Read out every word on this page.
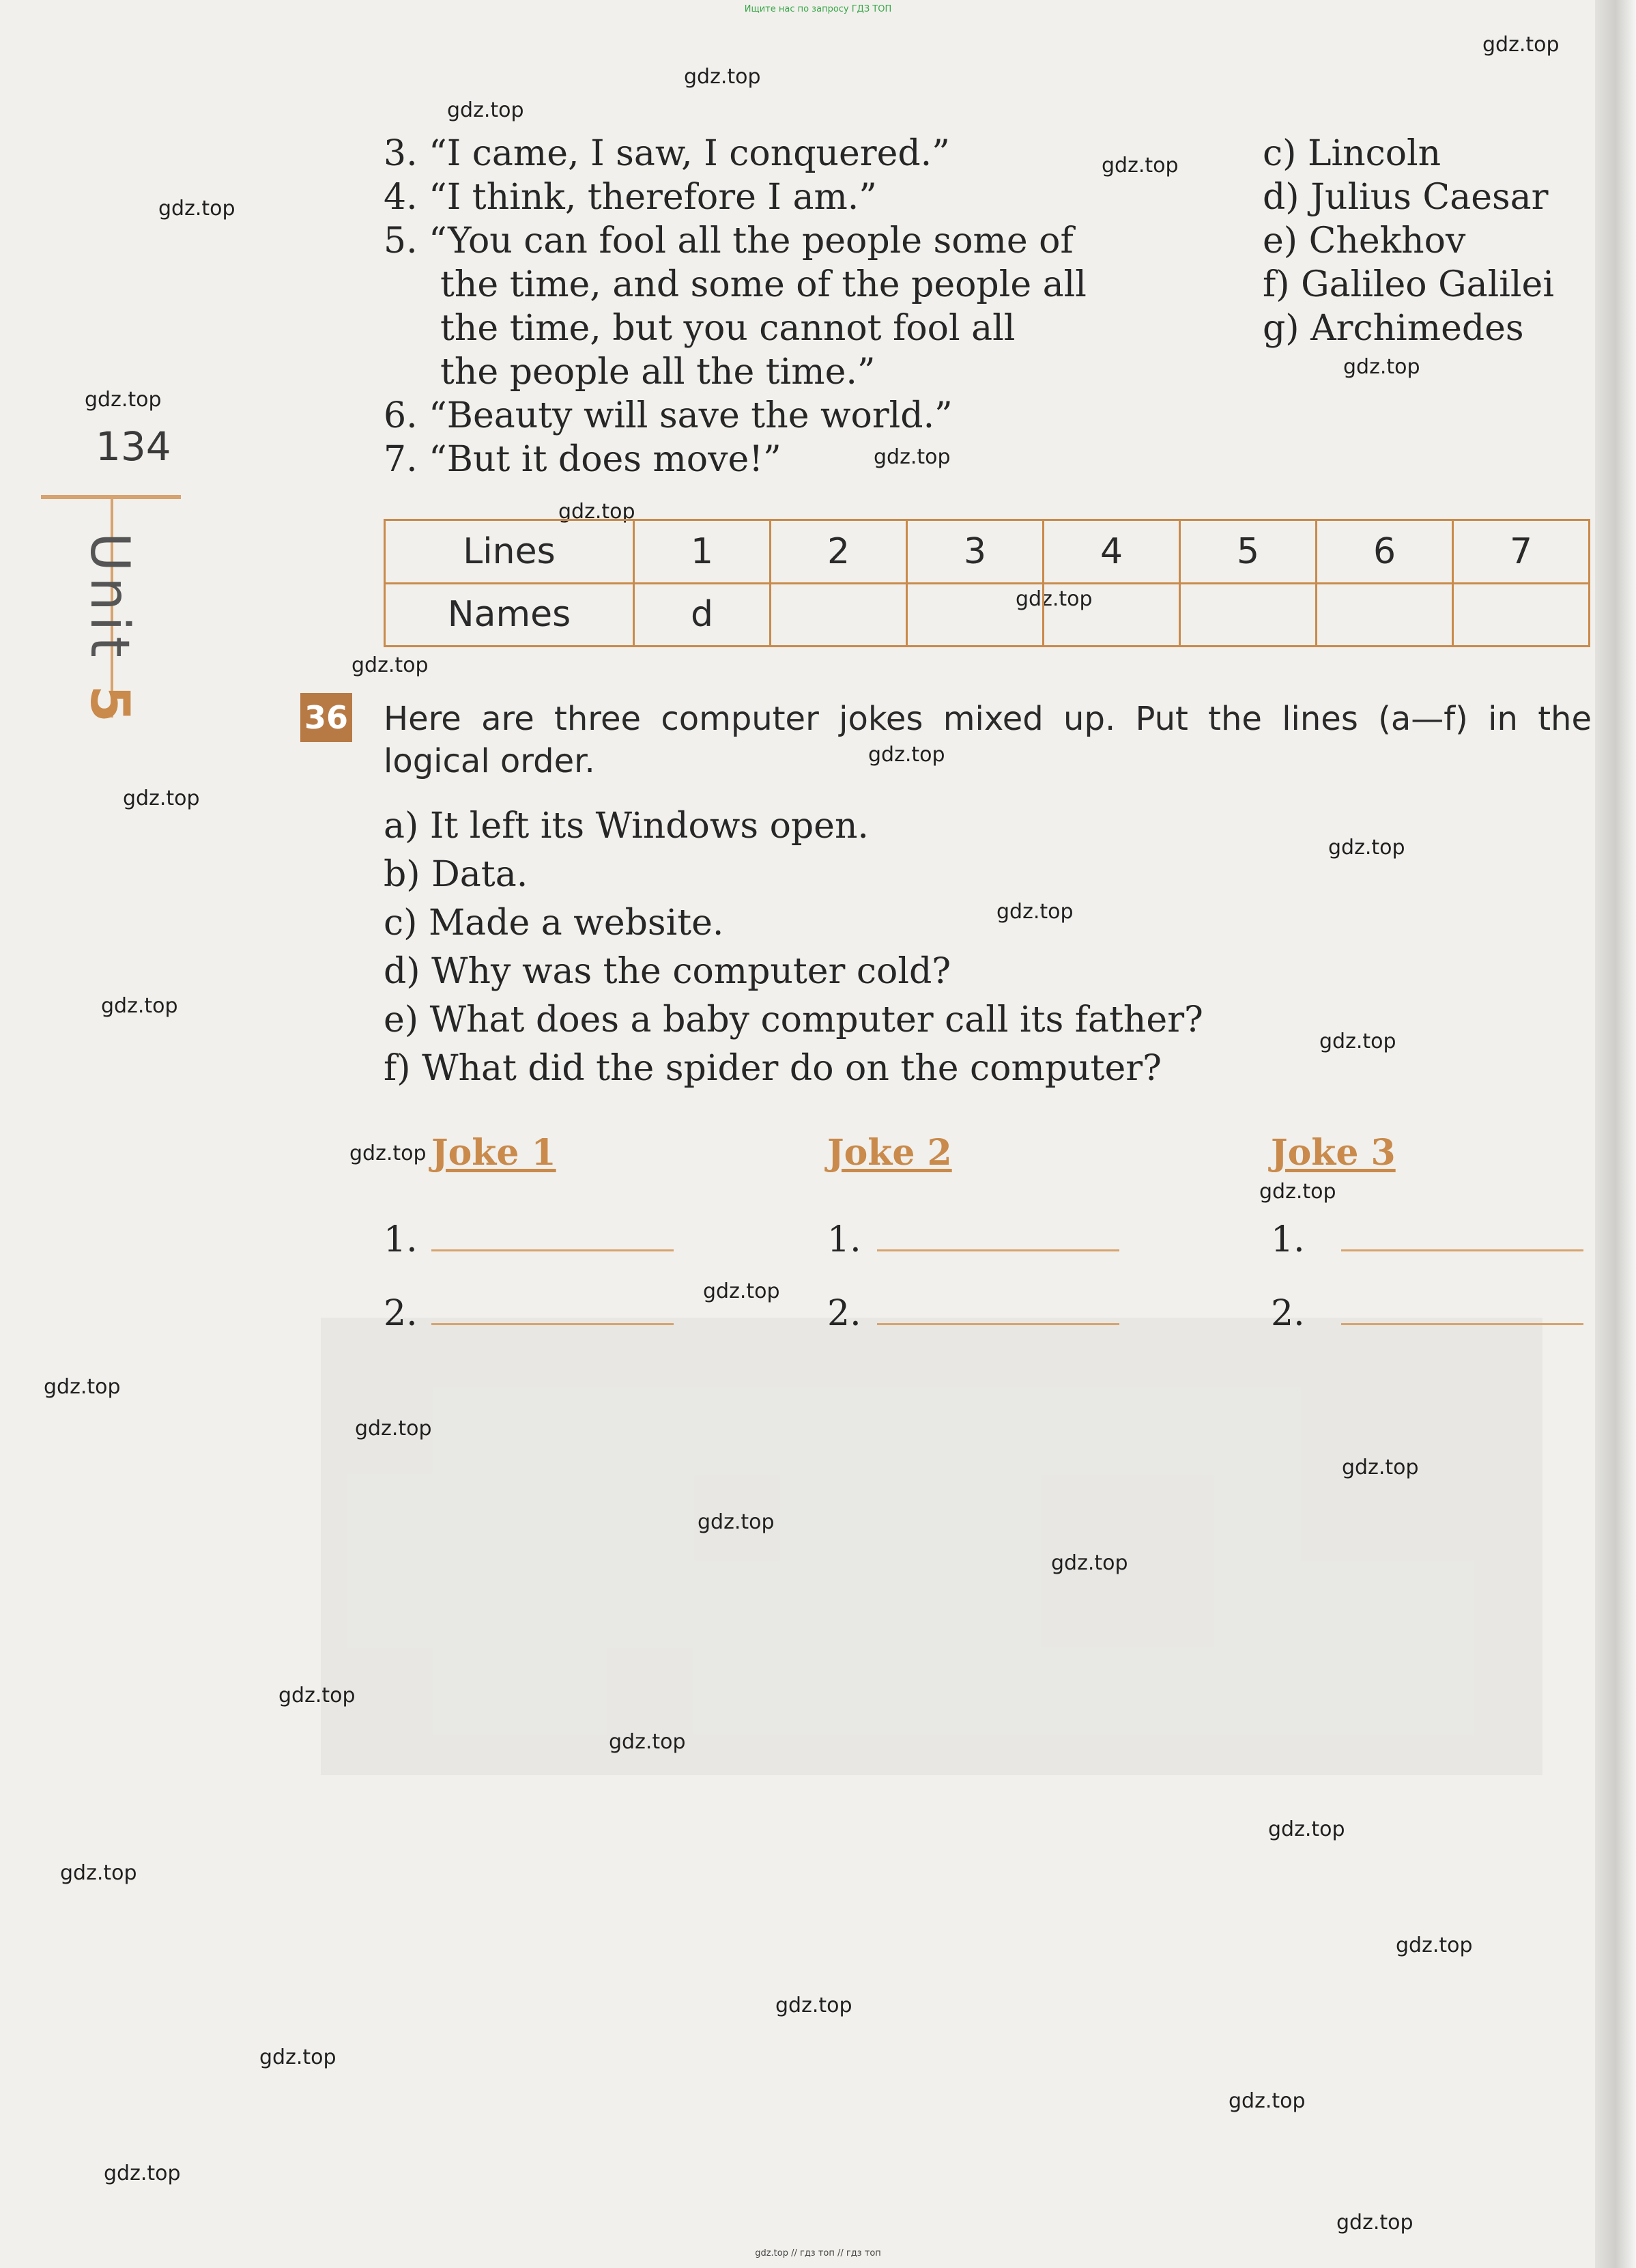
Ищите нас по запросу ГДЗ ТОП
gdz.top
gdz.top
gdz.top
gdz.top
gdz.top
gdz.top
gdz.top
gdz.top
gdz.top
gdz.top
gdz.top
gdz.top
gdz.top
gdz.top
gdz.top
gdz.top
gdz.top
gdz.top
gdz.top
gdz.top
gdz.top
gdz.top
gdz.top
gdz.top
gdz.top
gdz.top
gdz.top
gdz.top
gdz.top
gdz.top
gdz.top
gdz.top
gdz.top
gdz.top
gdz.top
134
Unit 5
3. “I came, I saw, I conquered.”
4. “I think, therefore I am.”
5. “You can fool all the people some of
the time, and some of the people all
the time, but you cannot fool all
the people all the time.”
6. “Beauty will save the world.”
7. “But it does move!”
c) Lincoln
d) Julius Caesar
e) Chekhov
f) Galileo Galilei
g) Archimedes
Lines	1	2	3	4	5	6	7
Names	d						
36 Here are three computer jokes mixed up. Put the lines (a—f) in the logical order.
a) It left its Windows open.
b) Data.
c) Made a website.
d) Why was the computer cold?
e) What does a baby computer call its father?
f) What did the spider do on the computer?
Joke 1	Joke 2	Joke 3
1.
2.
1.
2.
1.
2.
gdz.top // гдз топ // гдз топ
